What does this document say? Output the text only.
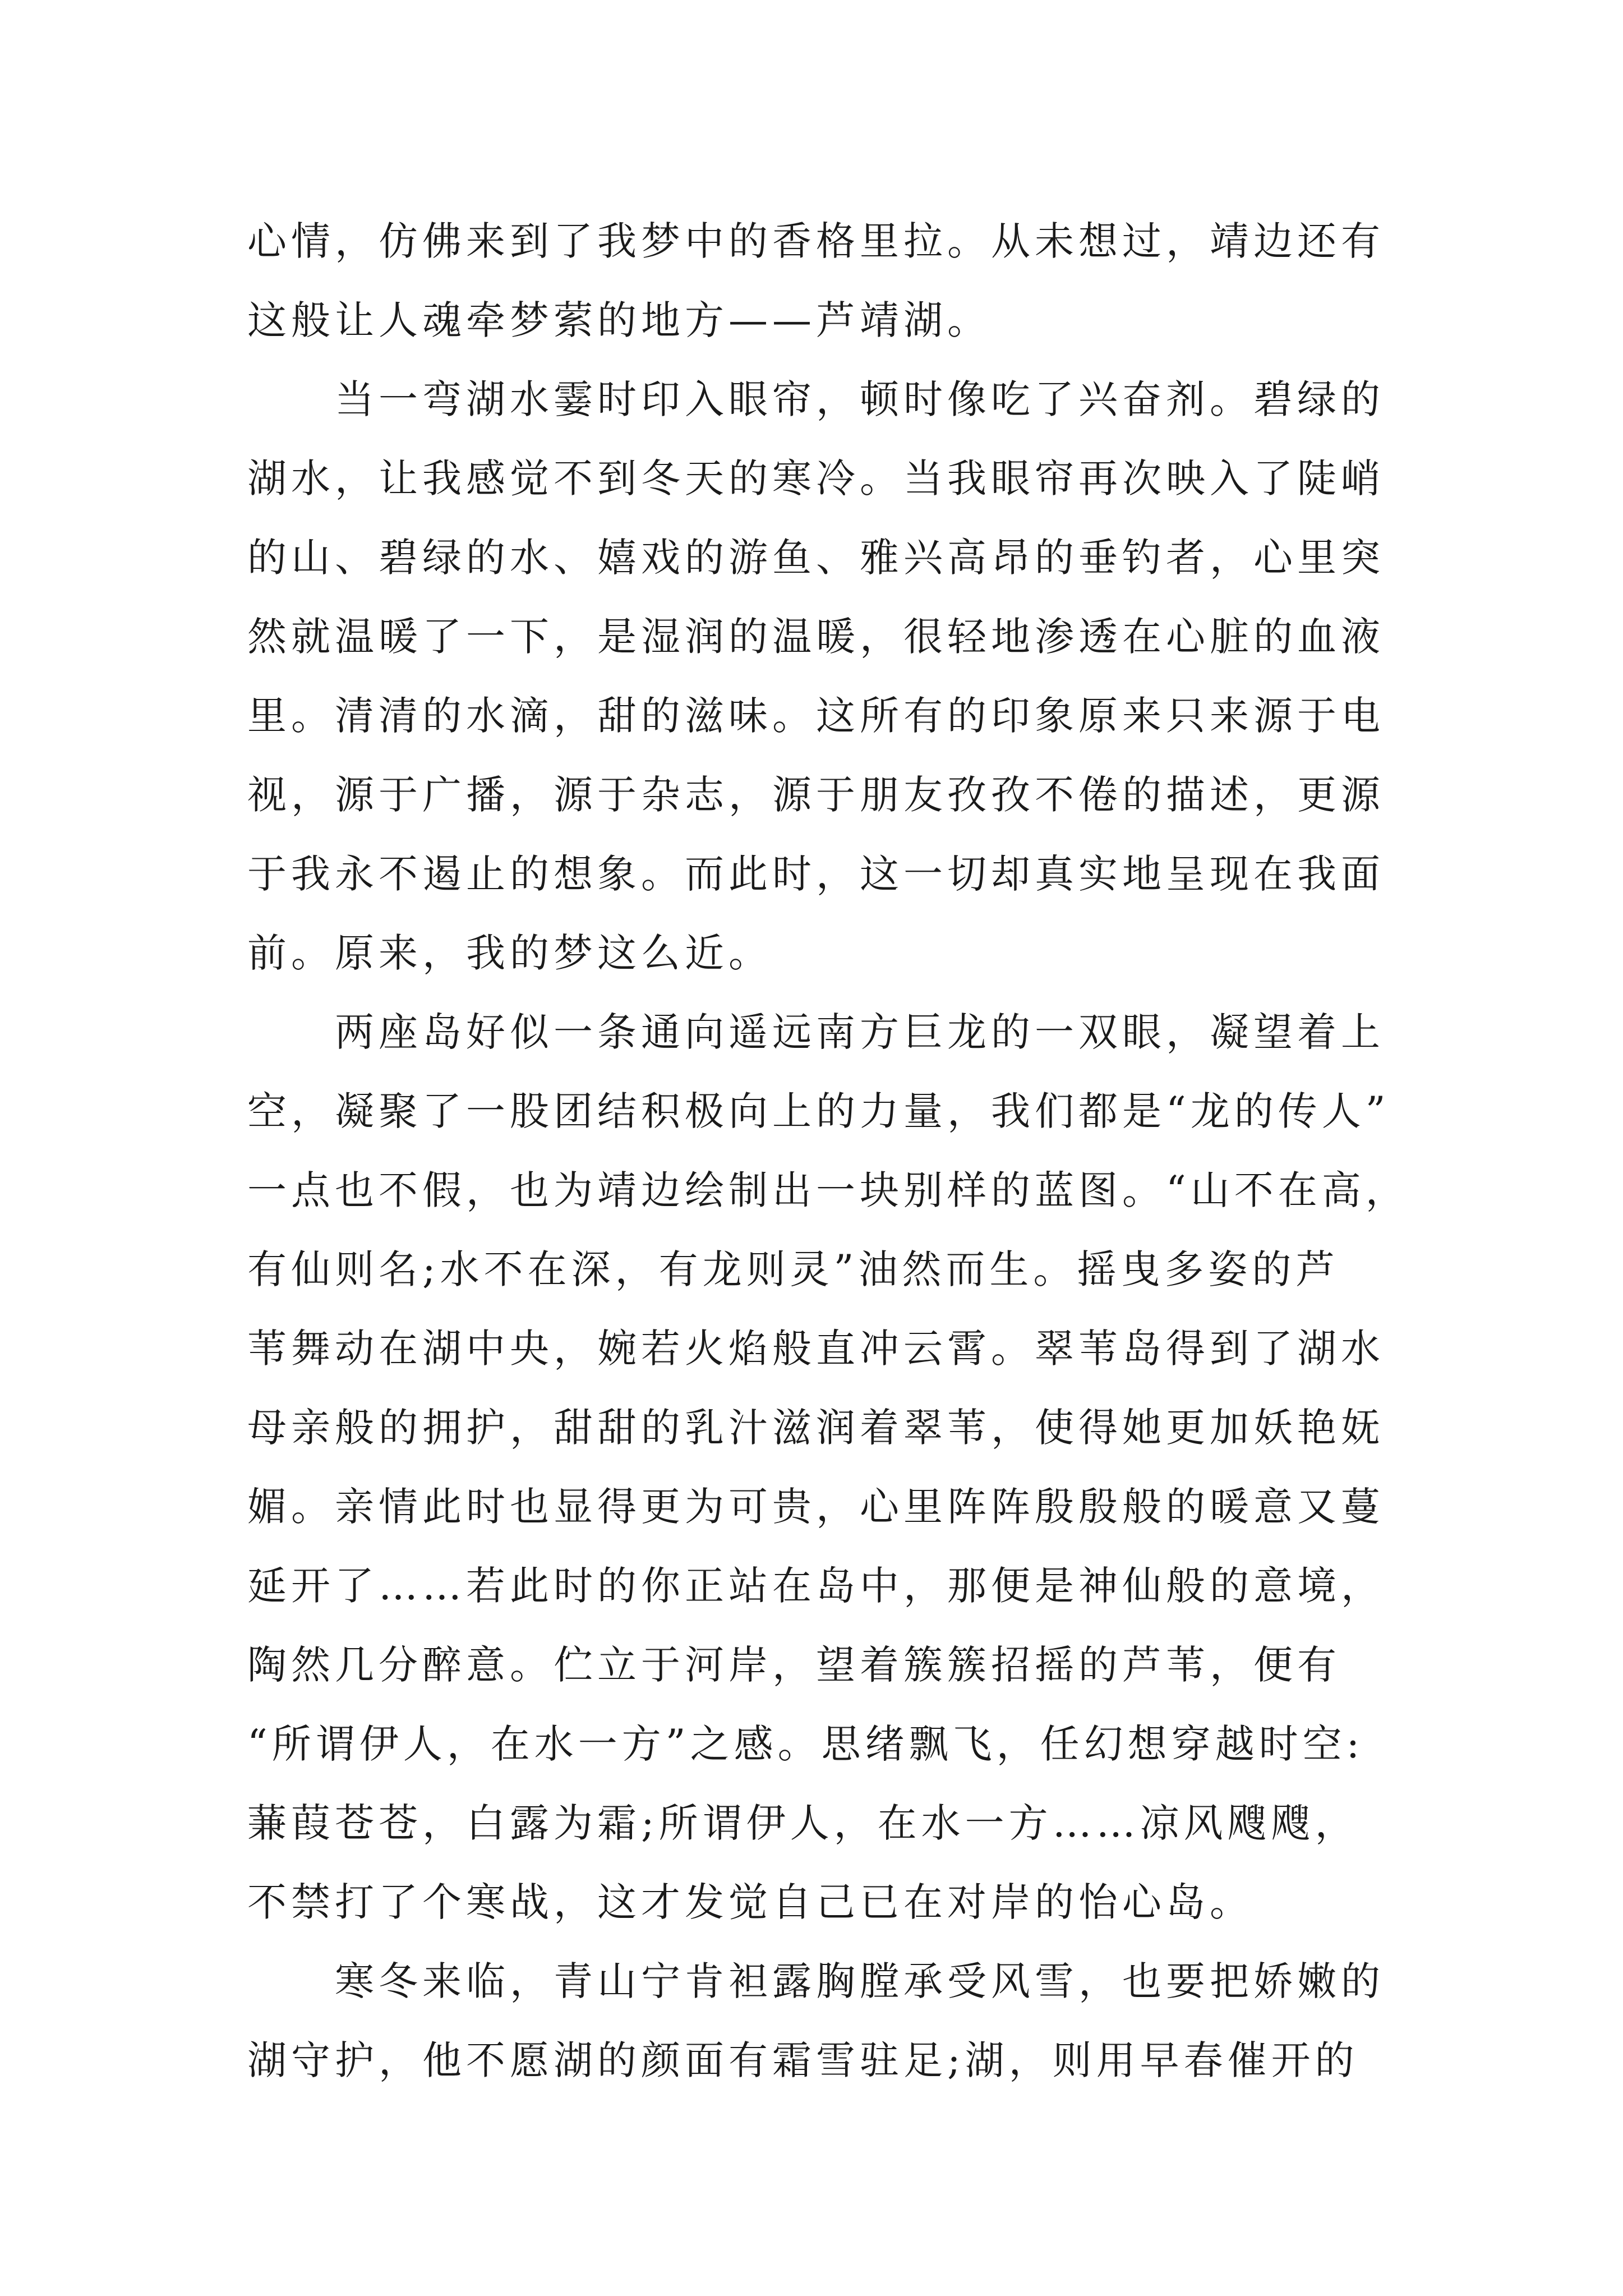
心情，仿佛来到了我梦中的香格里拉。从未想过，靖边还有
这般让人魂牵梦萦的地方——芦靖湖。
当一弯湖水霎时印入眼帘，顿时像吃了兴奋剂。碧绿的
湖水，让我感觉不到冬天的寒冷。当我眼帘再次映入了陡峭
的山、碧绿的水、嬉戏的游鱼、雅兴高昂的垂钓者，心里突
然就温暖了一下，是湿润的温暖，很轻地渗透在心脏的血液
里。清清的水滴，甜的滋味。这所有的印象原来只来源于电
视，源于广播，源于杂志，源于朋友孜孜不倦的描述，更源
于我永不遏止的想象。而此时，这一切却真实地呈现在我面
前。原来，我的梦这么近。
两座岛好似一条通向遥远南方巨龙的一双眼，凝望着上
空，凝聚了一股团结积极向上的力量，我们都是“龙的传人”
一点也不假，也为靖边绘制出一块别样的蓝图。“山不在高，
有仙则名;水不在深，有龙则灵”油然而生。摇曳多姿的芦
苇舞动在湖中央，婉若火焰般直冲云霄。翠苇岛得到了湖水
母亲般的拥护，甜甜的乳汁滋润着翠苇，使得她更加妖艳妩
媚。亲情此时也显得更为可贵，心里阵阵殷殷般的暖意又蔓
延开了……若此时的你正站在岛中，那便是神仙般的意境，
陶然几分醉意。伫立于河岸，望着簇簇招摇的芦苇，便有
“所谓伊人，在水一方”之感。思绪飘飞，任幻想穿越时空:
蒹葭苍苍，白露为霜;所谓伊人，在水一方……凉风飕飕，
不禁打了个寒战，这才发觉自己已在对岸的怡心岛。
寒冬来临，青山宁肯袒露胸膛承受风雪，也要把娇嫩的
湖守护，他不愿湖的颜面有霜雪驻足;湖，则用早春催开的
